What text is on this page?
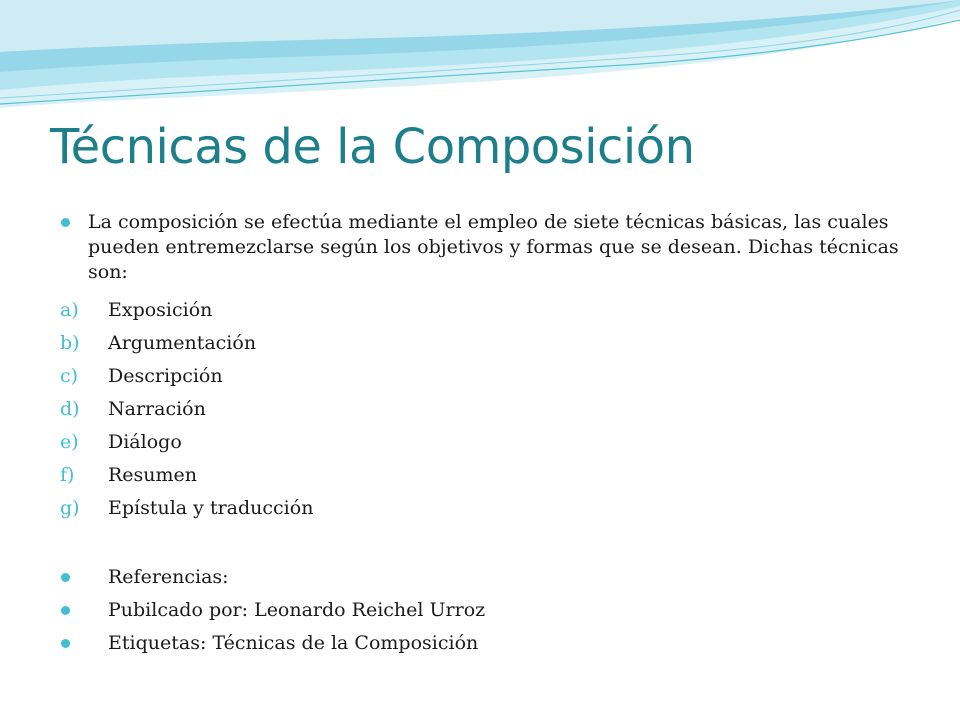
Técnicas de la Composición

La composición se efectúa mediante el empleo de siete técnicas básicas, las cuales pueden entremezclarse según los objetivos y formas que se desean. Dichas técnicas son:

a) Exposición
b) Argumentación
c) Descripción
d) Narración
e) Diálogo
f) Resumen
g) Epístula y traducción
Referencias:
Pubilcado por: Leonardo Reichel Urroz
Etiquetas: Técnicas de la Composición
